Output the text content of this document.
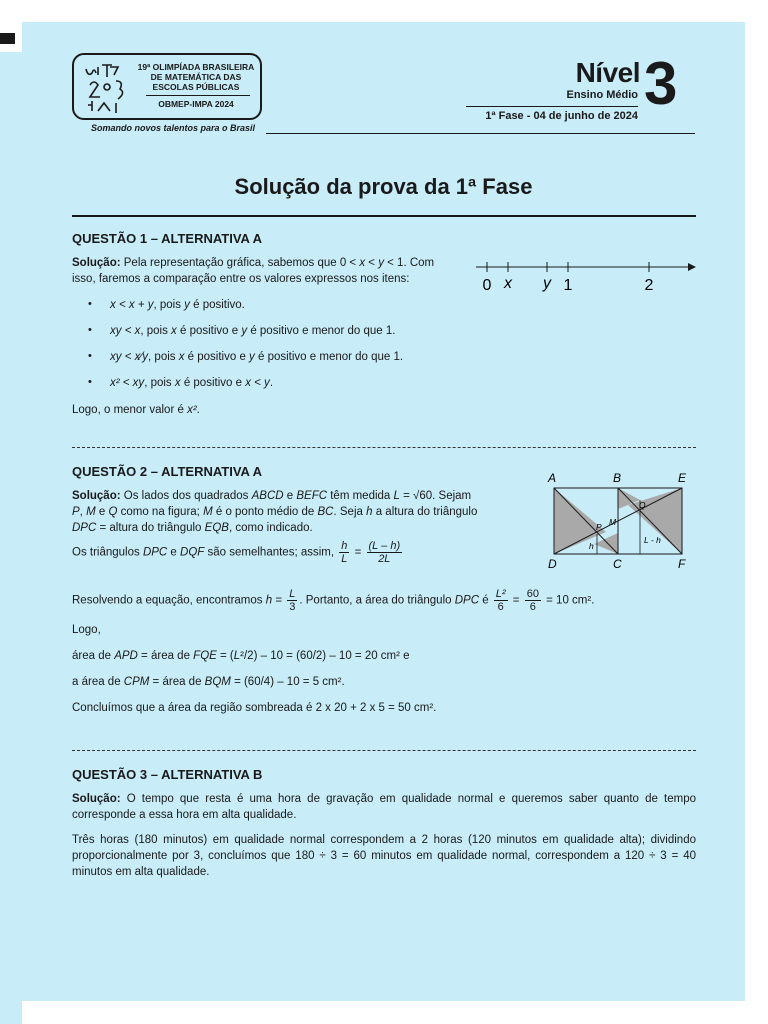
19ª OLIMPÍADA BRASILEIRA
DE MATEMÁTICA DAS
ESCOLAS PÚBLICAS
OBMEP-IMPA 2024
Somando novos talentos para o Brasil
Nível 3
Ensino Médio
1ª Fase - 04 de junho de 2024
Solução da prova da 1ª Fase
QUESTÃO 1 – ALTERNATIVA A
Solução: Pela representação gráfica, sabemos que 0 < x < y < 1. Com
isso, faremos a comparação entre os valores expressos nos itens:	0 x y 1	2
• x < x + y, pois y é positivo.
• xy < x, pois x é positivo e y é positivo e menor do que 1.
• xy < x⁄y, pois x é positivo e y é positivo e menor do que 1.
• x² < xy, pois x é positivo e x < y.
Logo, o menor valor é x².
QUESTÃO 2 – ALTERNATIVA A
Solução: Os lados dos quadrados ABCD e BEFC têm medida L = √60. Sejam
P, M e Q como na figura; M é o ponto médio de BC. Seja h a altura do triângulo
DPC = altura do triângulo EQB, como indicado.
Os triângulos DPC e DQF são semelhantes; assim, $\frac{h}{L} = \frac{(L - h)}{2L}$
A	B	E
D	C	F
P M
Q
h
L - h
Resolvendo a equação, encontramos $h = \frac{L}{3}$ . Portanto, a área do triângulo DPC é $\frac{\text{L²}}{6} = \frac{60}{6} = 10$ cm².
Logo,
área de APD = área de FQE = (L²/2) – 10 = (60/2) – 10 = 20 cm² e
a área de CPM = área de BQM = (60/4) – 10 = 5 cm².
Concluímos que a área da região sombreada é 2 x 20 + 2 x 5 = 50 cm².
QUESTÃO 3 – ALTERNATIVA B
Solução: O tempo que resta é uma hora de gravação em qualidade normal e queremos saber quanto de tempo corresponde a essa hora em alta qualidade.
Três horas (180 minutos) em qualidade normal correspondem a 2 horas (120 minutos em qualidade alta); dividindo proporcionalmente por 3, concluímos que 180 ÷ 3 = 60 minutos em qualidade normal, correspondem a 120 ÷ 3 = 40 minutos em alta qualidade.
